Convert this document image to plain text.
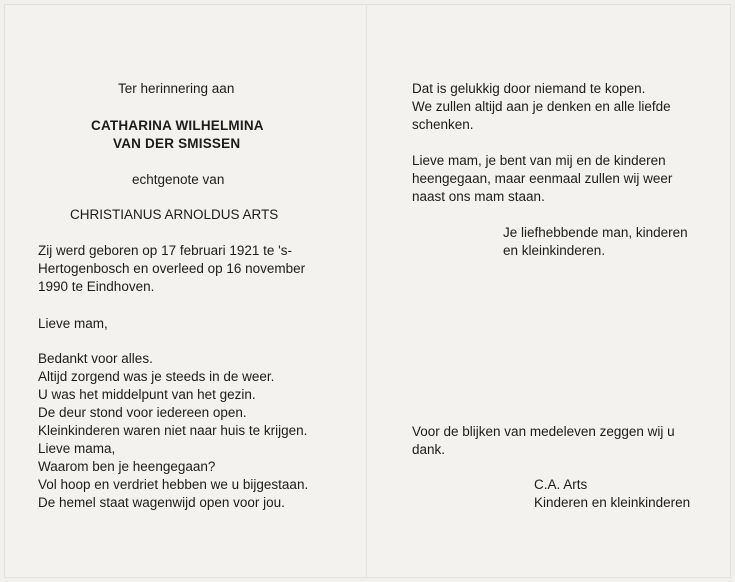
Ter herinnering aan
CATHARINA WILHELMINA
VAN DER SMISSEN
echtgenote van
CHRISTIANUS ARNOLDUS ARTS
Zij werd geboren op 17 februari 1921 te 's-
Hertogenbosch en overleed op 16 november
1990 te Eindhoven.
Lieve mam,
Bedankt voor alles.
Altijd zorgend was je steeds in de weer.
U was het middelpunt van het gezin.
De deur stond voor iedereen open.
Kleinkinderen waren niet naar huis te krijgen.
Lieve mama,
Waarom ben je heengegaan?
Vol hoop en verdriet hebben we u bijgestaan.
De hemel staat wagenwijd open voor jou.
Dat is gelukkig door niemand te kopen.
We zullen altijd aan je denken en alle liefde
schenken.
Lieve mam, je bent van mij en de kinderen
heengegaan, maar eenmaal zullen wij weer
naast ons mam staan.
Je liefhebbende man, kinderen
en kleinkinderen.
Voor de blijken van medeleven zeggen wij u
dank.
C.A. Arts
Kinderen en kleinkinderen
